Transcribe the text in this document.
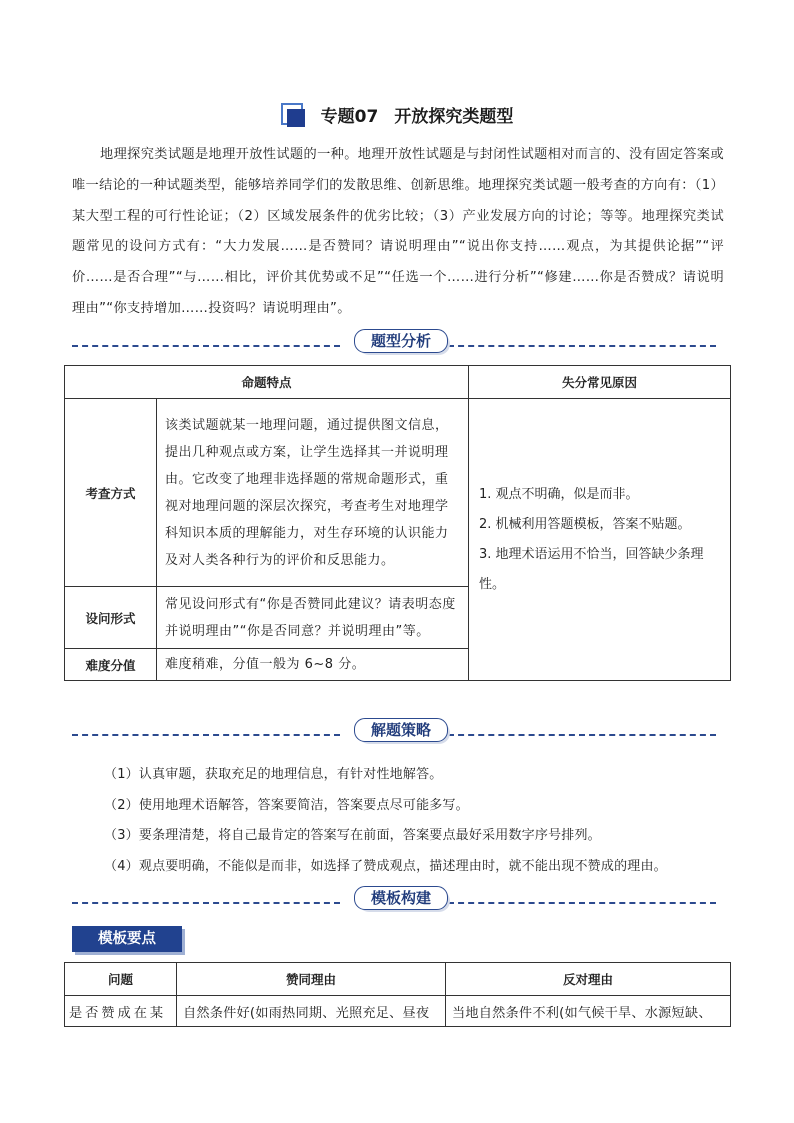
专题07 开放探究类题型
地理探究类试题是地理开放性试题的一种。地理开放性试题是与封闭性试题相对而言的、没有固定答案或唯一结论的一种试题类型，能够培养同学们的发散思维、创新思维。地理探究类试题一般考查的方向有：（1）某大型工程的可行性论证；（2）区域发展条件的优劣比较；（3）产业发展方向的讨论；等等。地理探究类试题常见的设问方式有：“大力发展……是否赞同？请说明理由”“说出你支持……观点，为其提供论据”“评价……是否合理”“与……相比，评价其优势或不足”“任选一个……进行分析”“修建……你是否赞成？请说明理由”“你支持增加……投资吗？请说明理由”。
题型分析
命题特点		失分常见原因
考查方式	该类试题就某一地理问题，通过提供图文信息，提出几种观点或方案，让学生选择其一并说明理由。它改变了地理非选择题的常规命题形式，重视对地理问题的深层次探究，考查考生对地理学科知识本质的理解能力，对生存环境的认识能力及对人类各种行为的评价和反思能力。	1. 观点不明确，似是而非。
2. 机械利用答题模板，答案不贴题。
3. 地理术语运用不恰当，回答缺少条理性。

设问形式	常见设问形式有“你是否赞同此建议？请表明态度并说明理由”“你是否同意？并说明理由”等。	
难度分值	难度稍难，分值一般为 6~8 分。	
解题策略
（1）认真审题，获取充足的地理信息，有针对性地解答。
（2）使用地理术语解答，答案要简洁，答案要点尽可能多写。
（3）要条理清楚，将自己最肯定的答案写在前面，答案要点最好采用数字序号排列。
（4）观点要明确，不能似是而非，如选择了赞成观点，描述理由时，就不能出现不赞成的理由。
模板构建
模板要点
问题	赞同理由	反对理由
是否赞成在某	自然条件好(如雨热同期、光照充足、昼夜	当地自然条件不利(如气候干旱、水源短缺、
